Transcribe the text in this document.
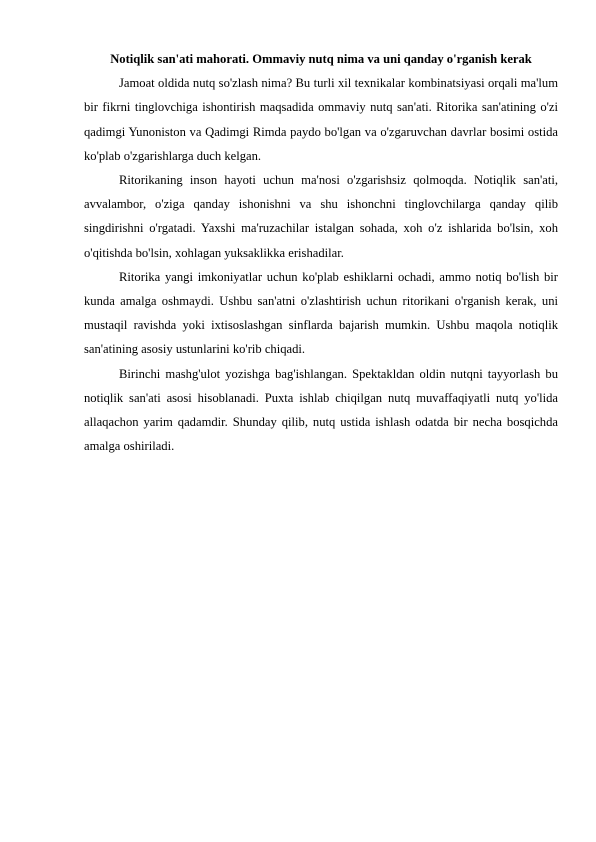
Notiqlik san'ati mahorati. Ommaviy nutq nima va uni qanday o'rganish kerak

Jamoat oldida nutq so'zlash nima? Bu turli xil texnikalar kombinatsiyasi orqali ma'lum bir fikrni tinglovchiga ishontirish maqsadida ommaviy nutq san'ati. Ritorika san'atining o'zi qadimgi Yunoniston va Qadimgi Rimda paydo bo'lgan va o'zgaruvchan davrlar bosimi ostida ko'plab o'zgarishlarga duch kelgan.

Ritorikaning inson hayoti uchun ma'nosi o'zgarishsiz qolmoqda. Notiqlik san'ati, avvalambor, o'ziga qanday ishonishni va shu ishonchni tinglovchilarga qanday qilib singdirishni o'rgatadi. Yaxshi ma'ruzachilar istalgan sohada, xoh o'z ishlarida bo'lsin, xoh o'qitishda bo'lsin, xohlagan yuksaklikka erishadilar.

Ritorika yangi imkoniyatlar uchun ko'plab eshiklarni ochadi, ammo notiq bo'lish bir kunda amalga oshmaydi. Ushbu san'atni o'zlashtirish uchun ritorikani o'rganish kerak, uni mustaqil ravishda yoki ixtisoslashgan sinflarda bajarish mumkin. Ushbu maqola notiqlik san'atining asosiy ustunlarini ko'rib chiqadi.

Birinchi mashg'ulot yozishga bag'ishlangan. Spektakldan oldin nutqni tayyorlash bu notiqlik san'ati asosi hisoblanadi. Puxta ishlab chiqilgan nutq muvaffaqiyatli nutq yo'lida allaqachon yarim qadamdir. Shunday qilib, nutq ustida ishlash odatda bir necha bosqichda amalga oshiriladi.
